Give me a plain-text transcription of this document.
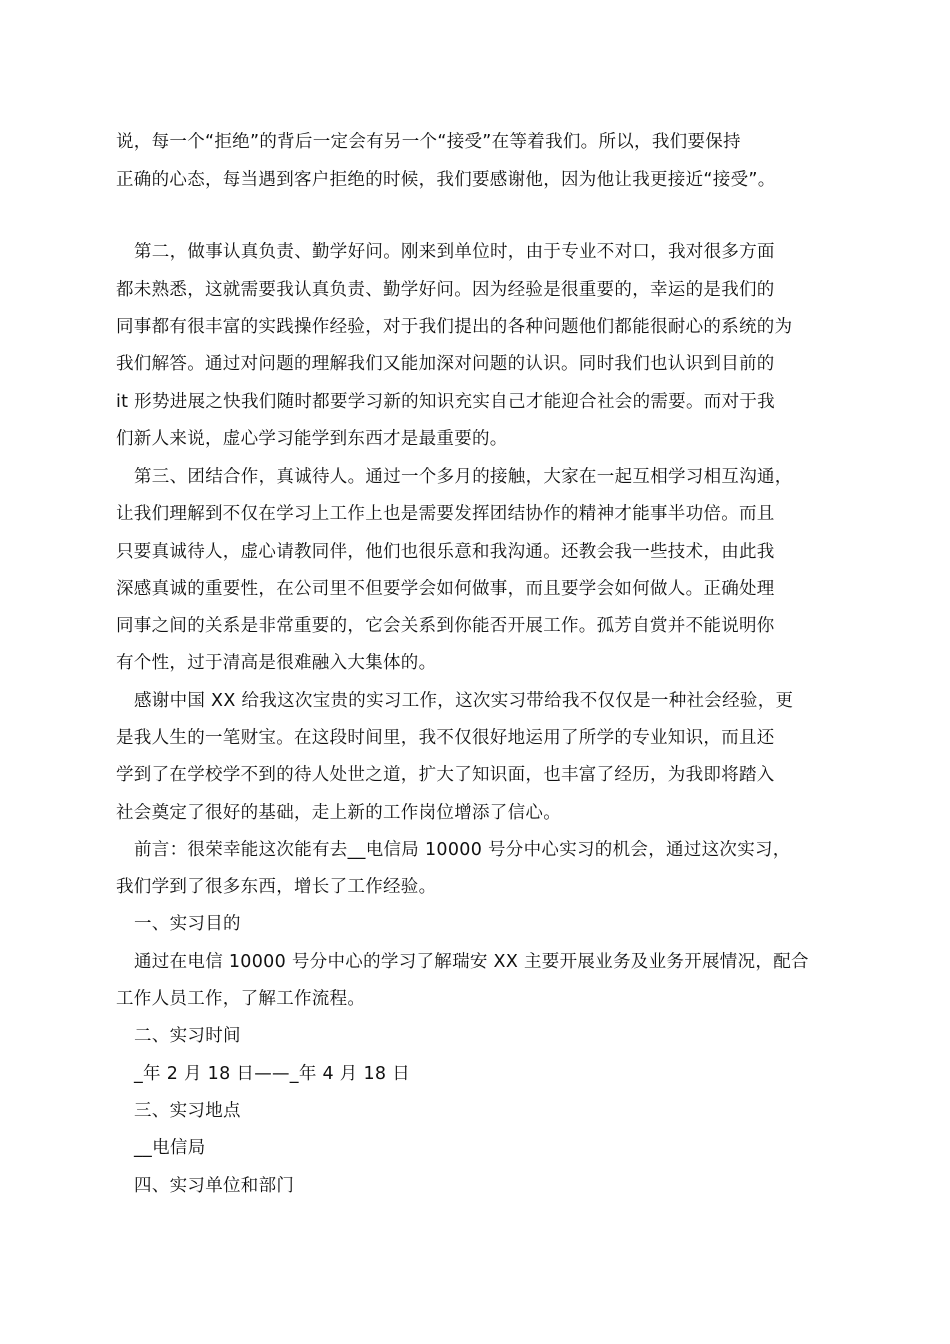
说，每一个“拒绝”的背后一定会有另一个“接受”在等着我们。所以，我们要保持
正确的心态，每当遇到客户拒绝的时候，我们要感谢他，因为他让我更接近“接受”。
第二，做事认真负责、勤学好问。刚来到单位时，由于专业不对口，我对很多方面
都未熟悉，这就需要我认真负责、勤学好问。因为经验是很重要的，幸运的是我们的
同事都有很丰富的实践操作经验，对于我们提出的各种问题他们都能很耐心的系统的为
我们解答。通过对问题的理解我们又能加深对问题的认识。同时我们也认识到目前的
it 形势进展之快我们随时都要学习新的知识充实自己才能迎合社会的需要。而对于我
们新人来说，虚心学习能学到东西才是最重要的。
第三、团结合作，真诚待人。通过一个多月的接触，大家在一起互相学习相互沟通，
让我们理解到不仅在学习上工作上也是需要发挥团结协作的精神才能事半功倍。而且
只要真诚待人，虚心请教同伴，他们也很乐意和我沟通。还教会我一些技术，由此我
深感真诚的重要性，在公司里不但要学会如何做事，而且要学会如何做人。正确处理
同事之间的关系是非常重要的，它会关系到你能否开展工作。孤芳自赏并不能说明你
有个性，过于清高是很难融入大集体的。
感谢中国 XX 给我这次宝贵的实习工作，这次实习带给我不仅仅是一种社会经验，更
是我人生的一笔财宝。在这段时间里，我不仅很好地运用了所学的专业知识，而且还
学到了在学校学不到的待人处世之道，扩大了知识面，也丰富了经历，为我即将踏入
社会奠定了很好的基础，走上新的工作岗位增添了信心。
前言：很荣幸能这次能有去__电信局 10000 号分中心实习的机会，通过这次实习，
我们学到了很多东西，增长了工作经验。
一、实习目的
通过在电信 10000 号分中心的学习了解瑞安 XX 主要开展业务及业务开展情况，配合
工作人员工作，了解工作流程。
二、实习时间
_年 2 月 18 日——_年 4 月 18 日
三、实习地点
__电信局
四、实习单位和部门
